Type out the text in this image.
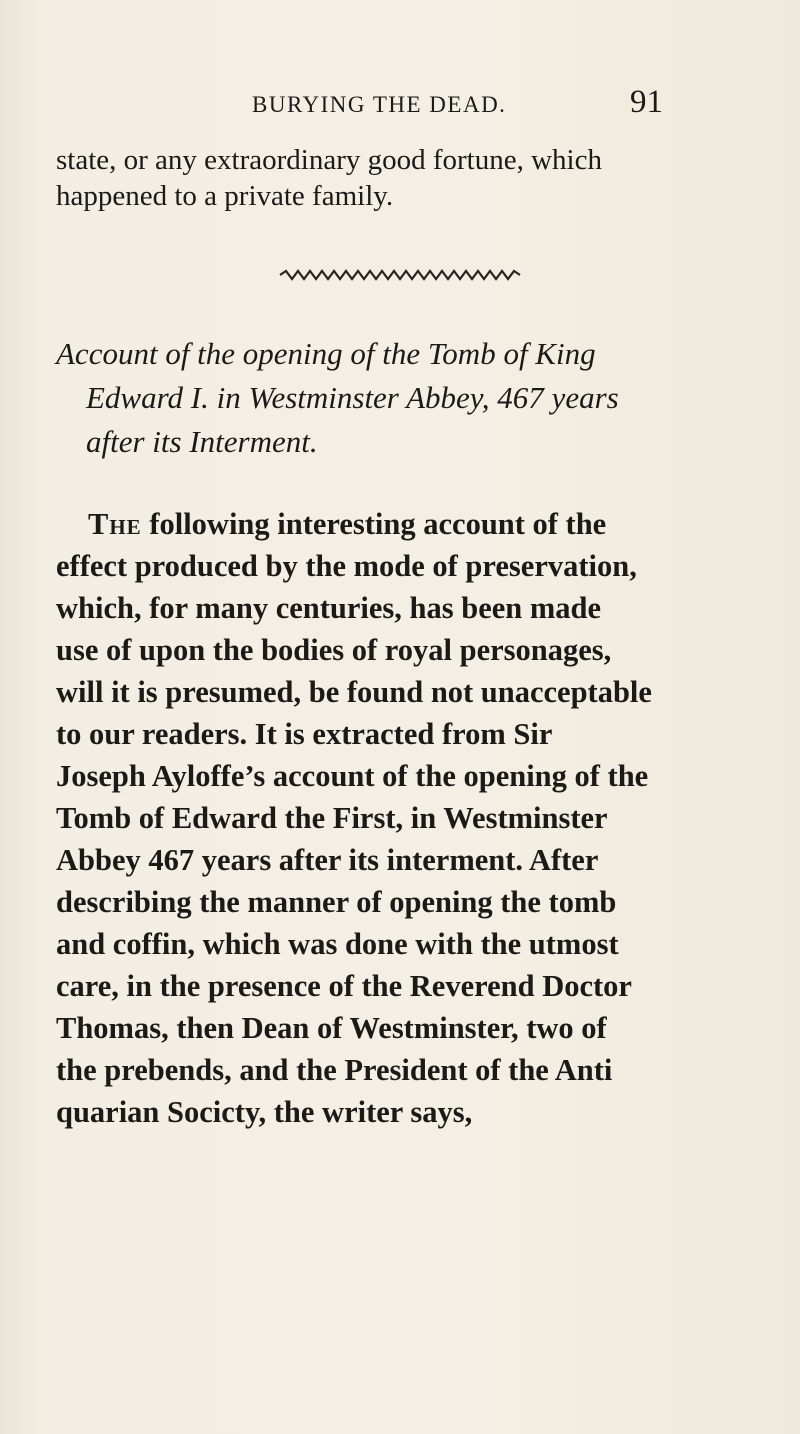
BURYING THE DEAD.	91
state, or any extraordinary good fortune, which
happened to a private family.
Account of the opening of the Tomb of King
Edward I. in Westminster Abbey, 467 years
after its Interment.
The following interesting account of the
effect produced by the mode of preservation,
which, for many centuries, has been made
use of upon the bodies of royal personages,
will it is presumed, be found not unacceptable
to our readers. It is extracted from Sir
Joseph Ayloffe’s account of the opening of the
Tomb of Edward the First, in Westminster
Abbey 467 years after its interment. After
describing the manner of opening the tomb
and coffin, which was done with the utmost
care, in the presence of the Reverend Doctor
Thomas, then Dean of Westminster, two of
the prebends, and the President of the Anti
quarian Socicty, the writer says,
